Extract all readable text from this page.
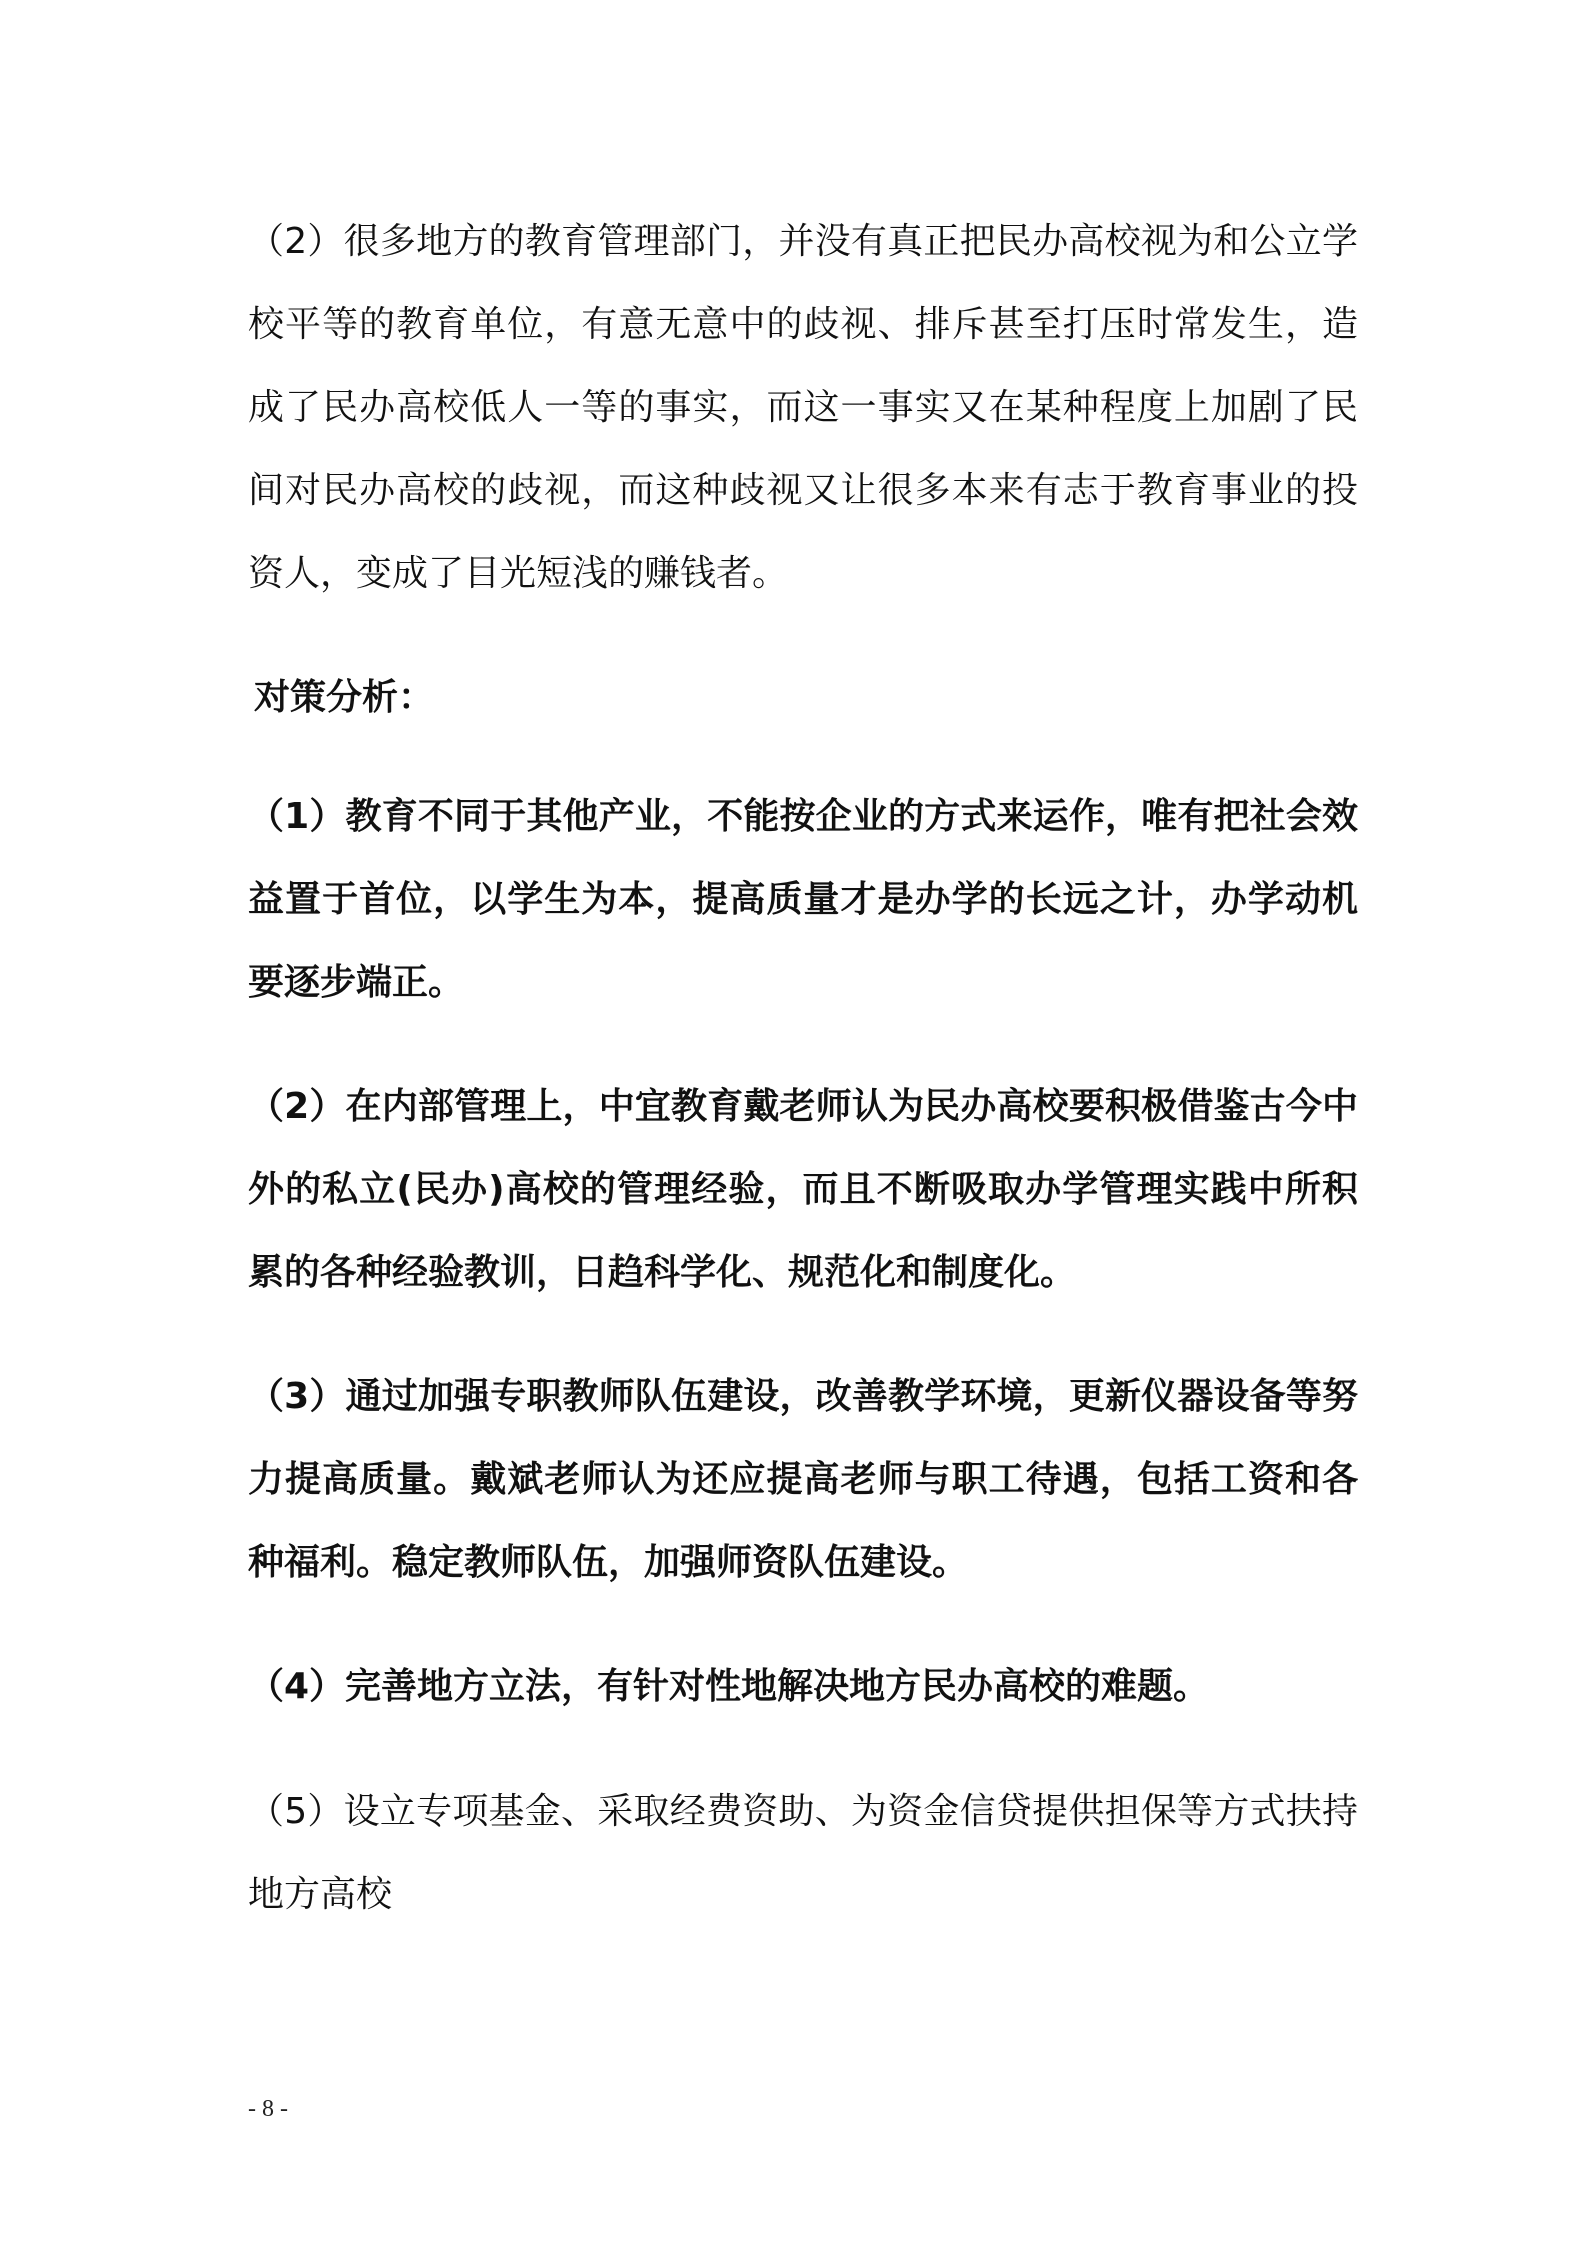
（2）很多地方的教育管理部门，并没有真正把民办高校视为和公立学校平等的教育单位，有意无意中的歧视、排斥甚至打压时常发生，造成了民办高校低人一等的事实，而这一事实又在某种程度上加剧了民间对民办高校的歧视，而这种歧视又让很多本来有志于教育事业的投资人，变成了目光短浅的赚钱者。

对策分析：

（1）教育不同于其他产业，不能按企业的方式来运作，唯有把社会效益置于首位，以学生为本，提高质量才是办学的长远之计，办学动机要逐步端正。

（2）在内部管理上，中宜教育戴老师认为民办高校要积极借鉴古今中外的私立(民办)高校的管理经验，而且不断吸取办学管理实践中所积累的各种经验教训，日趋科学化、规范化和制度化。

（3）通过加强专职教师队伍建设，改善教学环境，更新仪器设备等努力提高质量。戴斌老师认为还应提高老师与职工待遇，包括工资和各种福利。稳定教师队伍，加强师资队伍建设。

（4）完善地方立法，有针对性地解决地方民办高校的难题。

（5）设立专项基金、采取经费资助、为资金信贷提供担保等方式扶持地方高校

- 8 -
